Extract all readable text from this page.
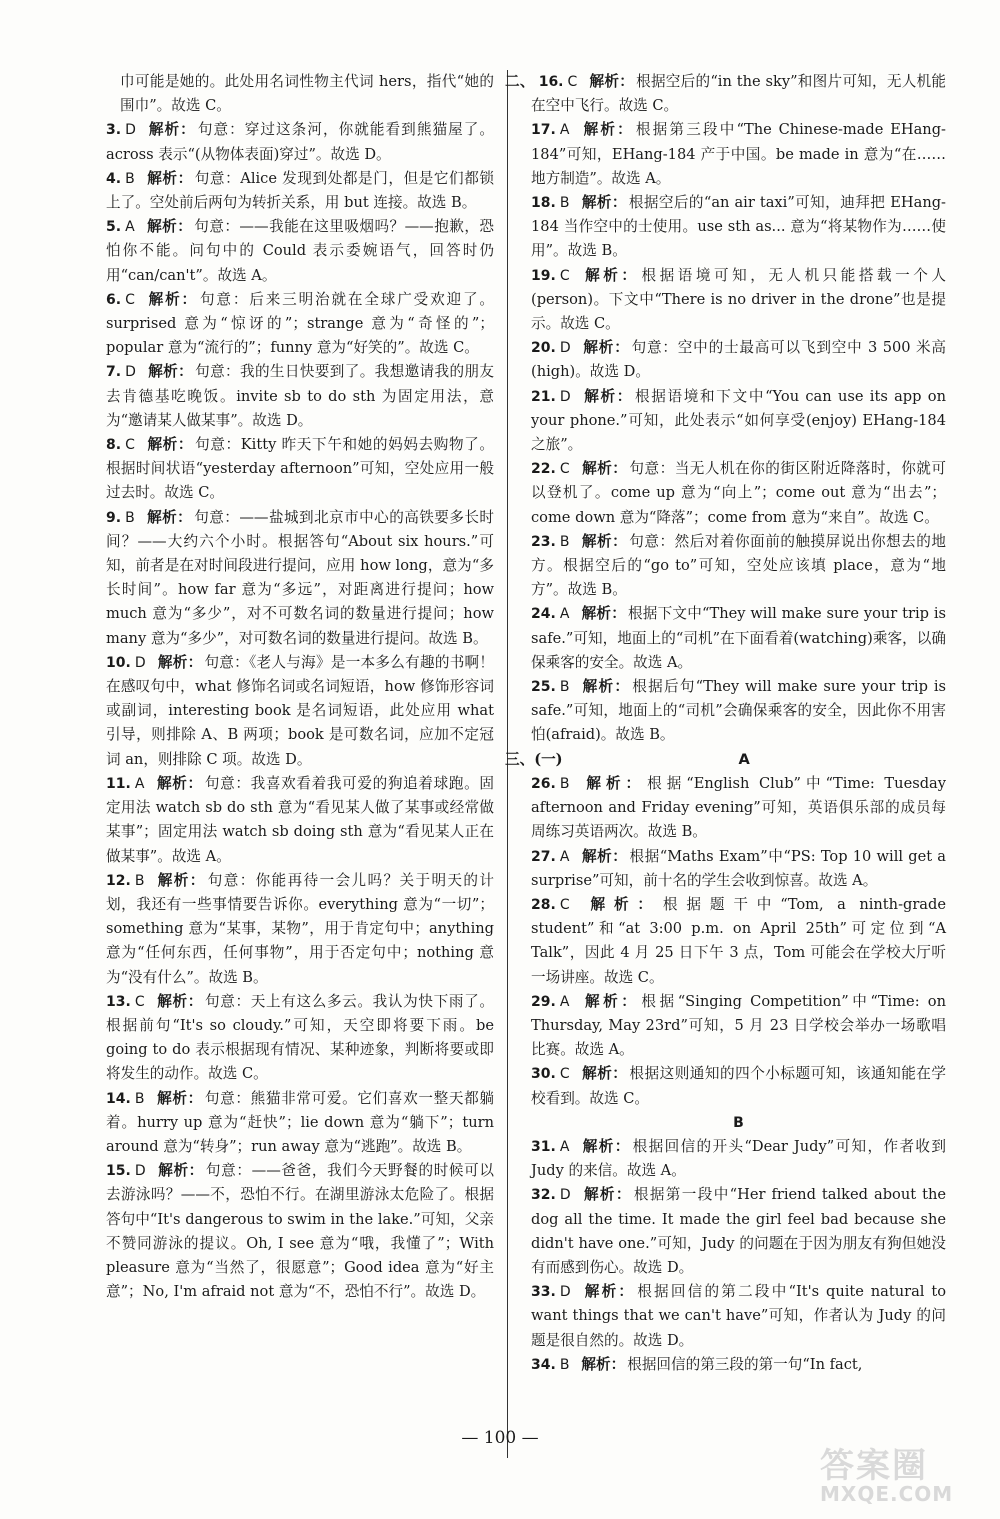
巾可能是她的。此处用名词性物主代词 hers，指代“她的围巾”。故选 C。

3. D 解析： 句意：穿过这条河，你就能看到熊猫屋了。across 表示“(从物体表面)穿过”。故选 D。

4. B 解析： 句意：Alice 发现到处都是门，但是它们都锁上了。空处前后两句为转折关系，用 but 连接。故选 B。

5. A 解析： 句意：——我能在这里吸烟吗？——抱歉，恐怕你不能。问句中的 Could 表示委婉语气，回答时仍用“can/can't”。故选 A。

6. C 解析： 句意：后来三明治就在全球广受欢迎了。surprised 意为“惊讶的”；strange 意为“奇怪的”；popular 意为“流行的”；funny 意为“好笑的”。故选 C。

7. D 解析： 句意：我的生日快要到了。我想邀请我的朋友去肯德基吃晚饭。invite sb to do sth 为固定用法，意为“邀请某人做某事”。故选 D。

8. C 解析： 句意：Kitty 昨天下午和她的妈妈去购物了。根据时间状语“yesterday afternoon”可知，空处应用一般过去时。故选 C。

9. B 解析： 句意：——盐城到北京市中心的高铁要多长时间？——大约六个小时。根据答句“About six hours.”可知，前者是在对时间段进行提问，应用 how long，意为“多长时间”。how far 意为“多远”，对距离进行提问；how much 意为“多少”，对不可数名词的数量进行提问；how many 意为“多少”，对可数名词的数量进行提问。故选 B。

10. D 解析： 句意：《老人与海》是一本多么有趣的书啊！在感叹句中，what 修饰名词或名词短语，how 修饰形容词或副词，interesting book 是名词短语，此处应用 what 引导，则排除 A、B 两项；book 是可数名词，应加不定冠词 an，则排除 C 项。故选 D。

11. A 解析： 句意：我喜欢看着我可爱的狗追着球跑。固定用法 watch sb do sth 意为“看见某人做了某事或经常做某事”；固定用法 watch sb doing sth 意为“看见某人正在做某事”。故选 A。

12. B 解析： 句意：你能再待一会儿吗？关于明天的计划，我还有一些事情要告诉你。everything 意为“一切”；something 意为“某事，某物”，用于肯定句中；anything 意为“任何东西，任何事物”，用于否定句中；nothing 意为“没有什么”。故选 B。

13. C 解析： 句意：天上有这么多云。我认为快下雨了。根据前句“It's so cloudy.”可知，天空即将要下雨。be going to do 表示根据现有情况、某种迹象，判断将要或即将发生的动作。故选 C。

14. B 解析： 句意：熊猫非常可爱。它们喜欢一整天都躺着。hurry up 意为“赶快”；lie down 意为“躺下”；turn around 意为“转身”；run away 意为“逃跑”。故选 B。

15. D 解析： 句意：——爸爸，我们今天野餐的时候可以去游泳吗？——不，恐怕不行。在湖里游泳太危险了。根据答句中“It's dangerous to swim in the lake.”可知，父亲不赞同游泳的提议。Oh, I see 意为“哦，我懂了”；With pleasure 意为“当然了，很愿意”；Good idea 意为“好主意”；No, I'm afraid not 意为“不，恐怕不行”。故选 D。

二、 16. C 解析： 根据空后的“in the sky”和图片可知，无人机能在空中飞行。故选 C。

17. A 解析： 根据第三段中“The Chinese-made EHang-184”可知，EHang-184 产于中国。be made in 意为“在……地方制造”。故选 A。

18. B 解析： 根据空后的“an air taxi”可知，迪拜把 EHang-184 当作空中的士使用。use sth as... 意为“将某物作为……使用”。故选 B。

19. C 解析： 根据语境可知，无人机只能搭载一个人(person)。下文中“There is no driver in the drone”也是提示。故选 C。

20. D 解析： 句意：空中的士最高可以飞到空中 3 500 米高(high)。故选 D。

21. D 解析： 根据语境和下文中“You can use its app on your phone.”可知，此处表示“如何享受(enjoy) EHang-184 之旅”。

22. C 解析： 句意：当无人机在你的街区附近降落时，你就可以登机了。come up 意为“向上”；come out 意为“出去”；come down 意为“降落”；come from 意为“来自”。故选 C。

23. B 解析： 句意：然后对着你面前的触摸屏说出你想去的地方。根据空后的“go to”可知，空处应该填 place，意为“地方”。故选 B。

24. A 解析： 根据下文中“They will make sure your trip is safe.”可知，地面上的“司机”在下面看着(watching)乘客，以确保乘客的安全。故选 A。

25. B 解析： 根据后句“They will make sure your trip is safe.”可知，地面上的“司机”会确保乘客的安全，因此你不用害怕(afraid)。故选 B。

三、(一)	A

26. B 解析： 根据“English Club”中“Time: Tuesday afternoon and Friday evening”可知，英语俱乐部的成员每周练习英语两次。故选 B。

27. A 解析： 根据“Maths Exam”中“PS: Top 10 will get a surprise”可知，前十名的学生会收到惊喜。故选 A。

28. C 解析： 根据题干中“Tom, a ninth-grade student”和“at 3:00 p.m. on April 25th”可定位到“A Talk”，因此 4 月 25 日下午 3 点，Tom 可能会在学校大厅听一场讲座。故选 C。

29. A 解析： 根据“Singing Competition”中“Time: on Thursday, May 23rd”可知，5 月 23 日学校会举办一场歌唱比赛。故选 A。

30. C 解析： 根据这则通知的四个小标题可知，该通知能在学校看到。故选 C。

B

31. A 解析： 根据回信的开头“Dear Judy”可知，作者收到 Judy 的来信。故选 A。

32. D 解析： 根据第一段中“Her friend talked about the dog all the time. It made the girl feel bad because she didn't have one.”可知，Judy 的问题在于因为朋友有狗但她没有而感到伤心。故选 D。

33. D 解析： 根据回信的第二段中“It's quite natural to want things that we can't have”可知，作者认为 Judy 的问题是很自然的。故选 D。

34. B 解析： 根据回信的第三段的第一句“In fact,

— 100 —
答案圈
MXQE.COM
